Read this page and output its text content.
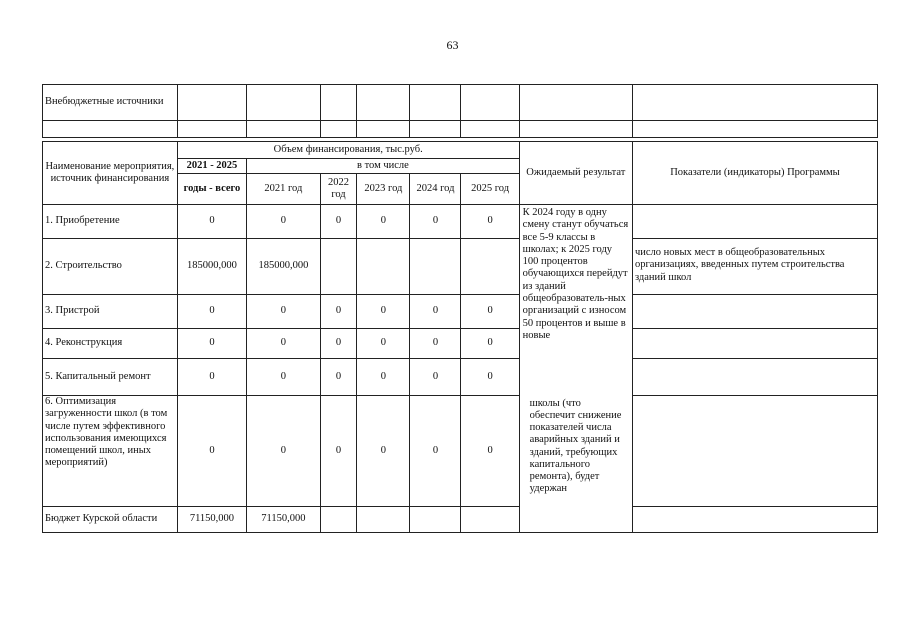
63
Внебюджетные источники								

Наименование мероприятия, источник финансирования	Объем финансирования, тыс.руб.						Ожидаемый результат	Показатели (индикаторы) Программы
	2021 - 2025	в том числе						
	годы - всего	2021 год	2022 год	2023 год	2024 год	2025 год		
1. Приобретение	0	0	0	0	0	0	К 2024 году в одну смену станут обучаться все 5-9 классы в школах; к 2025 году 100 процентов обучающихся перейдут из зданий общеобразователь-ных организаций с износом 50 процентов и выше в новые	
2. Строительство	185000,000	185000,000						число новых мест в общеобразовательных организациях, введенных путем строительства зданий школ
3. Пристрой	0	0	0	0	0	0		
4. Реконструкция	0	0	0	0	0	0		
5. Капитальный ремонт	0	0	0	0	0	0		
6. Оптимизация загруженности школ (в том числе путем эффективного использования имеющихся помещений школ, иных мероприятий)	0	0	0	0	0	0	школы (что обеспечит снижение показателей числа аварийных зданий и зданий, требующих капитального ремонта), будет удержан	
Бюджет Курской области	71150,000	71150,000						
